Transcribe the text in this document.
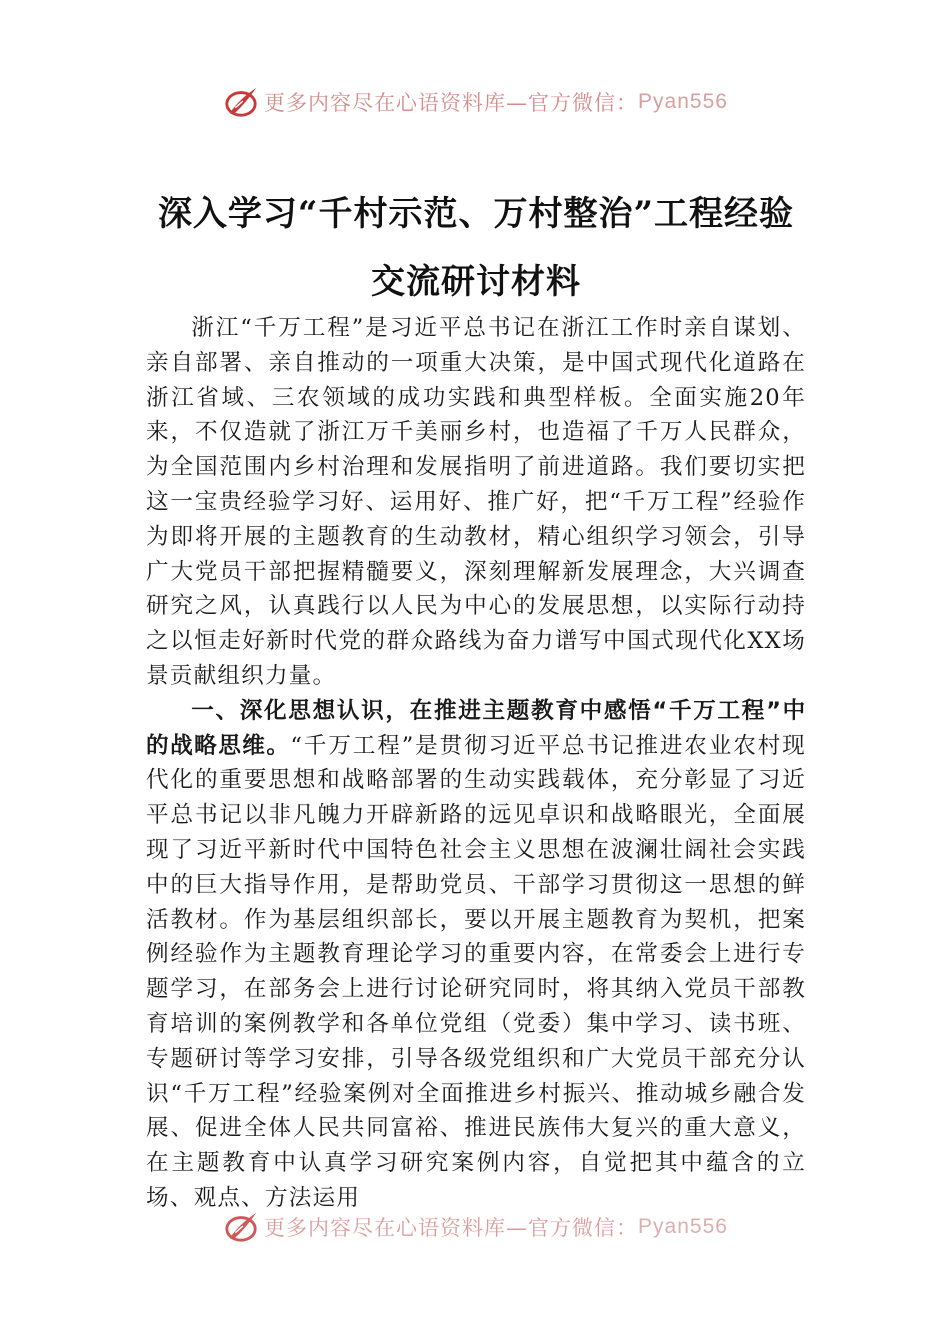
更多内容尽在心语资料库—官方微信： Pyan556
深入学习“千村示范、万村整治”工程经验交流研讨材料

浙江“千万工程”是习近平总书记在浙江工作时亲自谋划、亲自部署、亲自推动的一项重大决策，是中国式现代化道路在浙江省域、三农领域的成功实践和典型样板。全面实施20年来，不仅造就了浙江万千美丽乡村，也造福了千万人民群众，为全国范围内乡村治理和发展指明了前进道路。我们要切实把这一宝贵经验学习好、运用好、推广好，把“千万工程”经验作为即将开展的主题教育的生动教材，精心组织学习领会，引导广大党员干部把握精髓要义，深刻理解新发展理念，大兴调查研究之风，认真践行以人民为中心的发展思想，以实际行动持之以恒走好新时代党的群众路线为奋力谱写中国式现代化XX场景贡献组织力量。

一、深化思想认识，在推进主题教育中感悟“千万工程”中的战略思维。“千万工程”是贯彻习近平总书记推进农业农村现代化的重要思想和战略部署的生动实践载体，充分彰显了习近平总书记以非凡魄力开辟新路的远见卓识和战略眼光，全面展现了习近平新时代中国特色社会主义思想在波澜壮阔社会实践中的巨大指导作用，是帮助党员、干部学习贯彻这一思想的鲜活教材。作为基层组织部长，要以开展主题教育为契机，把案例经验作为主题教育理论学习的重要内容，在常委会上进行专题学习，在部务会上进行讨论研究同时，将其纳入党员干部教育培训的案例教学和各单位党组（党委）集中学习、读书班、专题研讨等学习安排，引导各级党组织和广大党员干部充分认识“千万工程”经验案例对全面推进乡村振兴、推动城乡融合发展、促进全体人民共同富裕、推进民族伟大复兴的重大意义，在主题教育中认真学习研究案例内容，自觉把其中蕴含的立场、观点、方法运用

更多内容尽在心语资料库—官方微信： Pyan556
